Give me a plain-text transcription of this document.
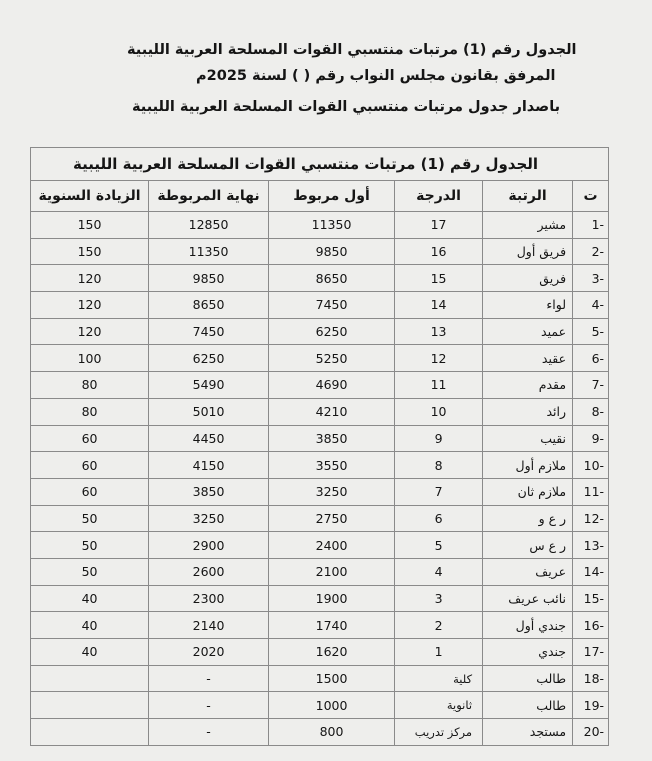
الجدول رقم (1) مرتبات منتسبي القوات المسلحة العربية الليبية
المرفق بقانون مجلس النواب رقم ( ) لسنة 2025م
باصدار جدول مرتبات منتسبي القوات المسلحة العربية الليبية
الجدول رقم (1) مرتبات منتسبي القوات المسلحة العربية الليبية					
ت	الرتبة	الدرجة	أول مربوط	نهاية المربوطة	الزيادة السنوية
-1	مشير	17	11350	12850	150
-2	فريق أول	16	9850	11350	150
-3	فريق	15	8650	9850	120
-4	لواء	14	7450	8650	120
-5	عميد	13	6250	7450	120
-6	عقيد	12	5250	6250	100
-7	مقدم	11	4690	5490	80
-8	رائد	10	4210	5010	80
-9	نقيب	9	3850	4450	60
-10	ملازم أول	8	3550	4150	60
-11	ملازم ثان	7	3250	3850	60
-12	ر ع و	6	2750	3250	50
-13	ر ع س	5	2400	2900	50
-14	عريف	4	2100	2600	50
-15	نائب عريف	3	1900	2300	40
-16	جندي أول	2	1740	2140	40
-17	جندي	1	1620	2020	40
-18	طالب	كلية	1500	-	
-19	طالب	ثانوية	1000	-	
-20	مستجد	مركز تدريب	800	-	
